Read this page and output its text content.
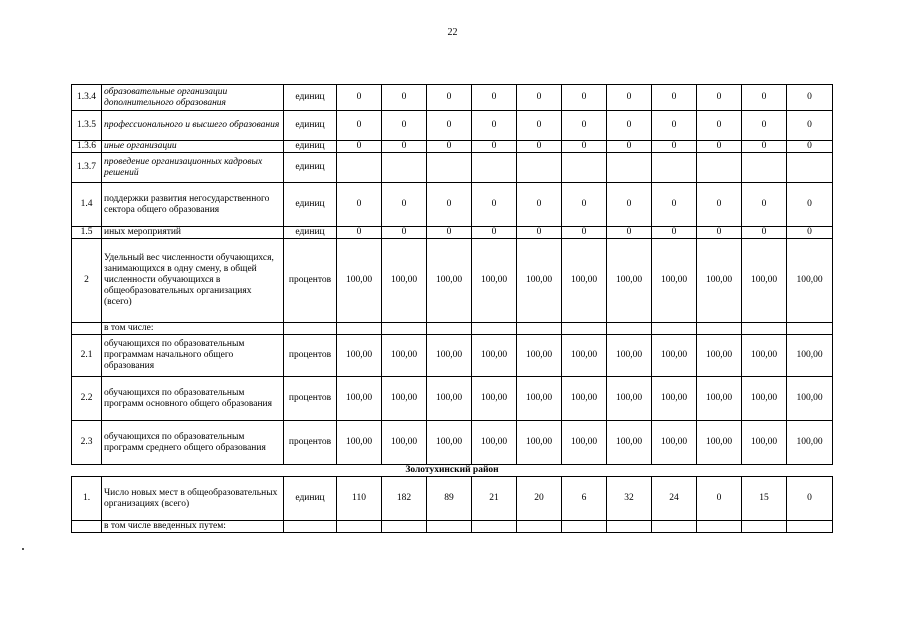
22
1.3.4	образовательные организации дополнительного образования	единиц	0	0	0	0	0	0	0	0	0	0	0
1.3.5	профессионального и высшего образования	единиц	0	0	0	0	0	0	0	0	0	0	0
1.3.6	иные организации	единиц	0	0	0	0	0	0	0	0	0	0	0
1.3.7	проведение организационных кадровых решений	единиц											
1.4	поддержки развития негосударственного сектора общего образования	единиц	0	0	0	0	0	0	0	0	0	0	0
1.5	иных мероприятий	единиц	0	0	0	0	0	0	0	0	0	0	0
2	Удельный вес численности обучающихся, занимающихся в одну смену, в общей численности обучающихся в общеобразовательных организациях (всего)	процентов	100,00	100,00	100,00	100,00	100,00	100,00	100,00	100,00	100,00	100,00	100,00
	в том числе:												
2.1	обучающихся по образовательным программам начального общего образования	процентов	100,00	100,00	100,00	100,00	100,00	100,00	100,00	100,00	100,00	100,00	100,00
2.2	обучающихся по образовательным программ основного общего образования	процентов	100,00	100,00	100,00	100,00	100,00	100,00	100,00	100,00	100,00	100,00	100,00
2.3	обучающихся по образовательным программ среднего общего образования	процентов	100,00	100,00	100,00	100,00	100,00	100,00	100,00	100,00	100,00	100,00	100,00
Золотухинский район													
1.	Число новых мест в общеобразовательных организациях (всего)	единиц	110	182	89	21	20	6	32	24	0	15	0
	в том числе введенных путем:												
